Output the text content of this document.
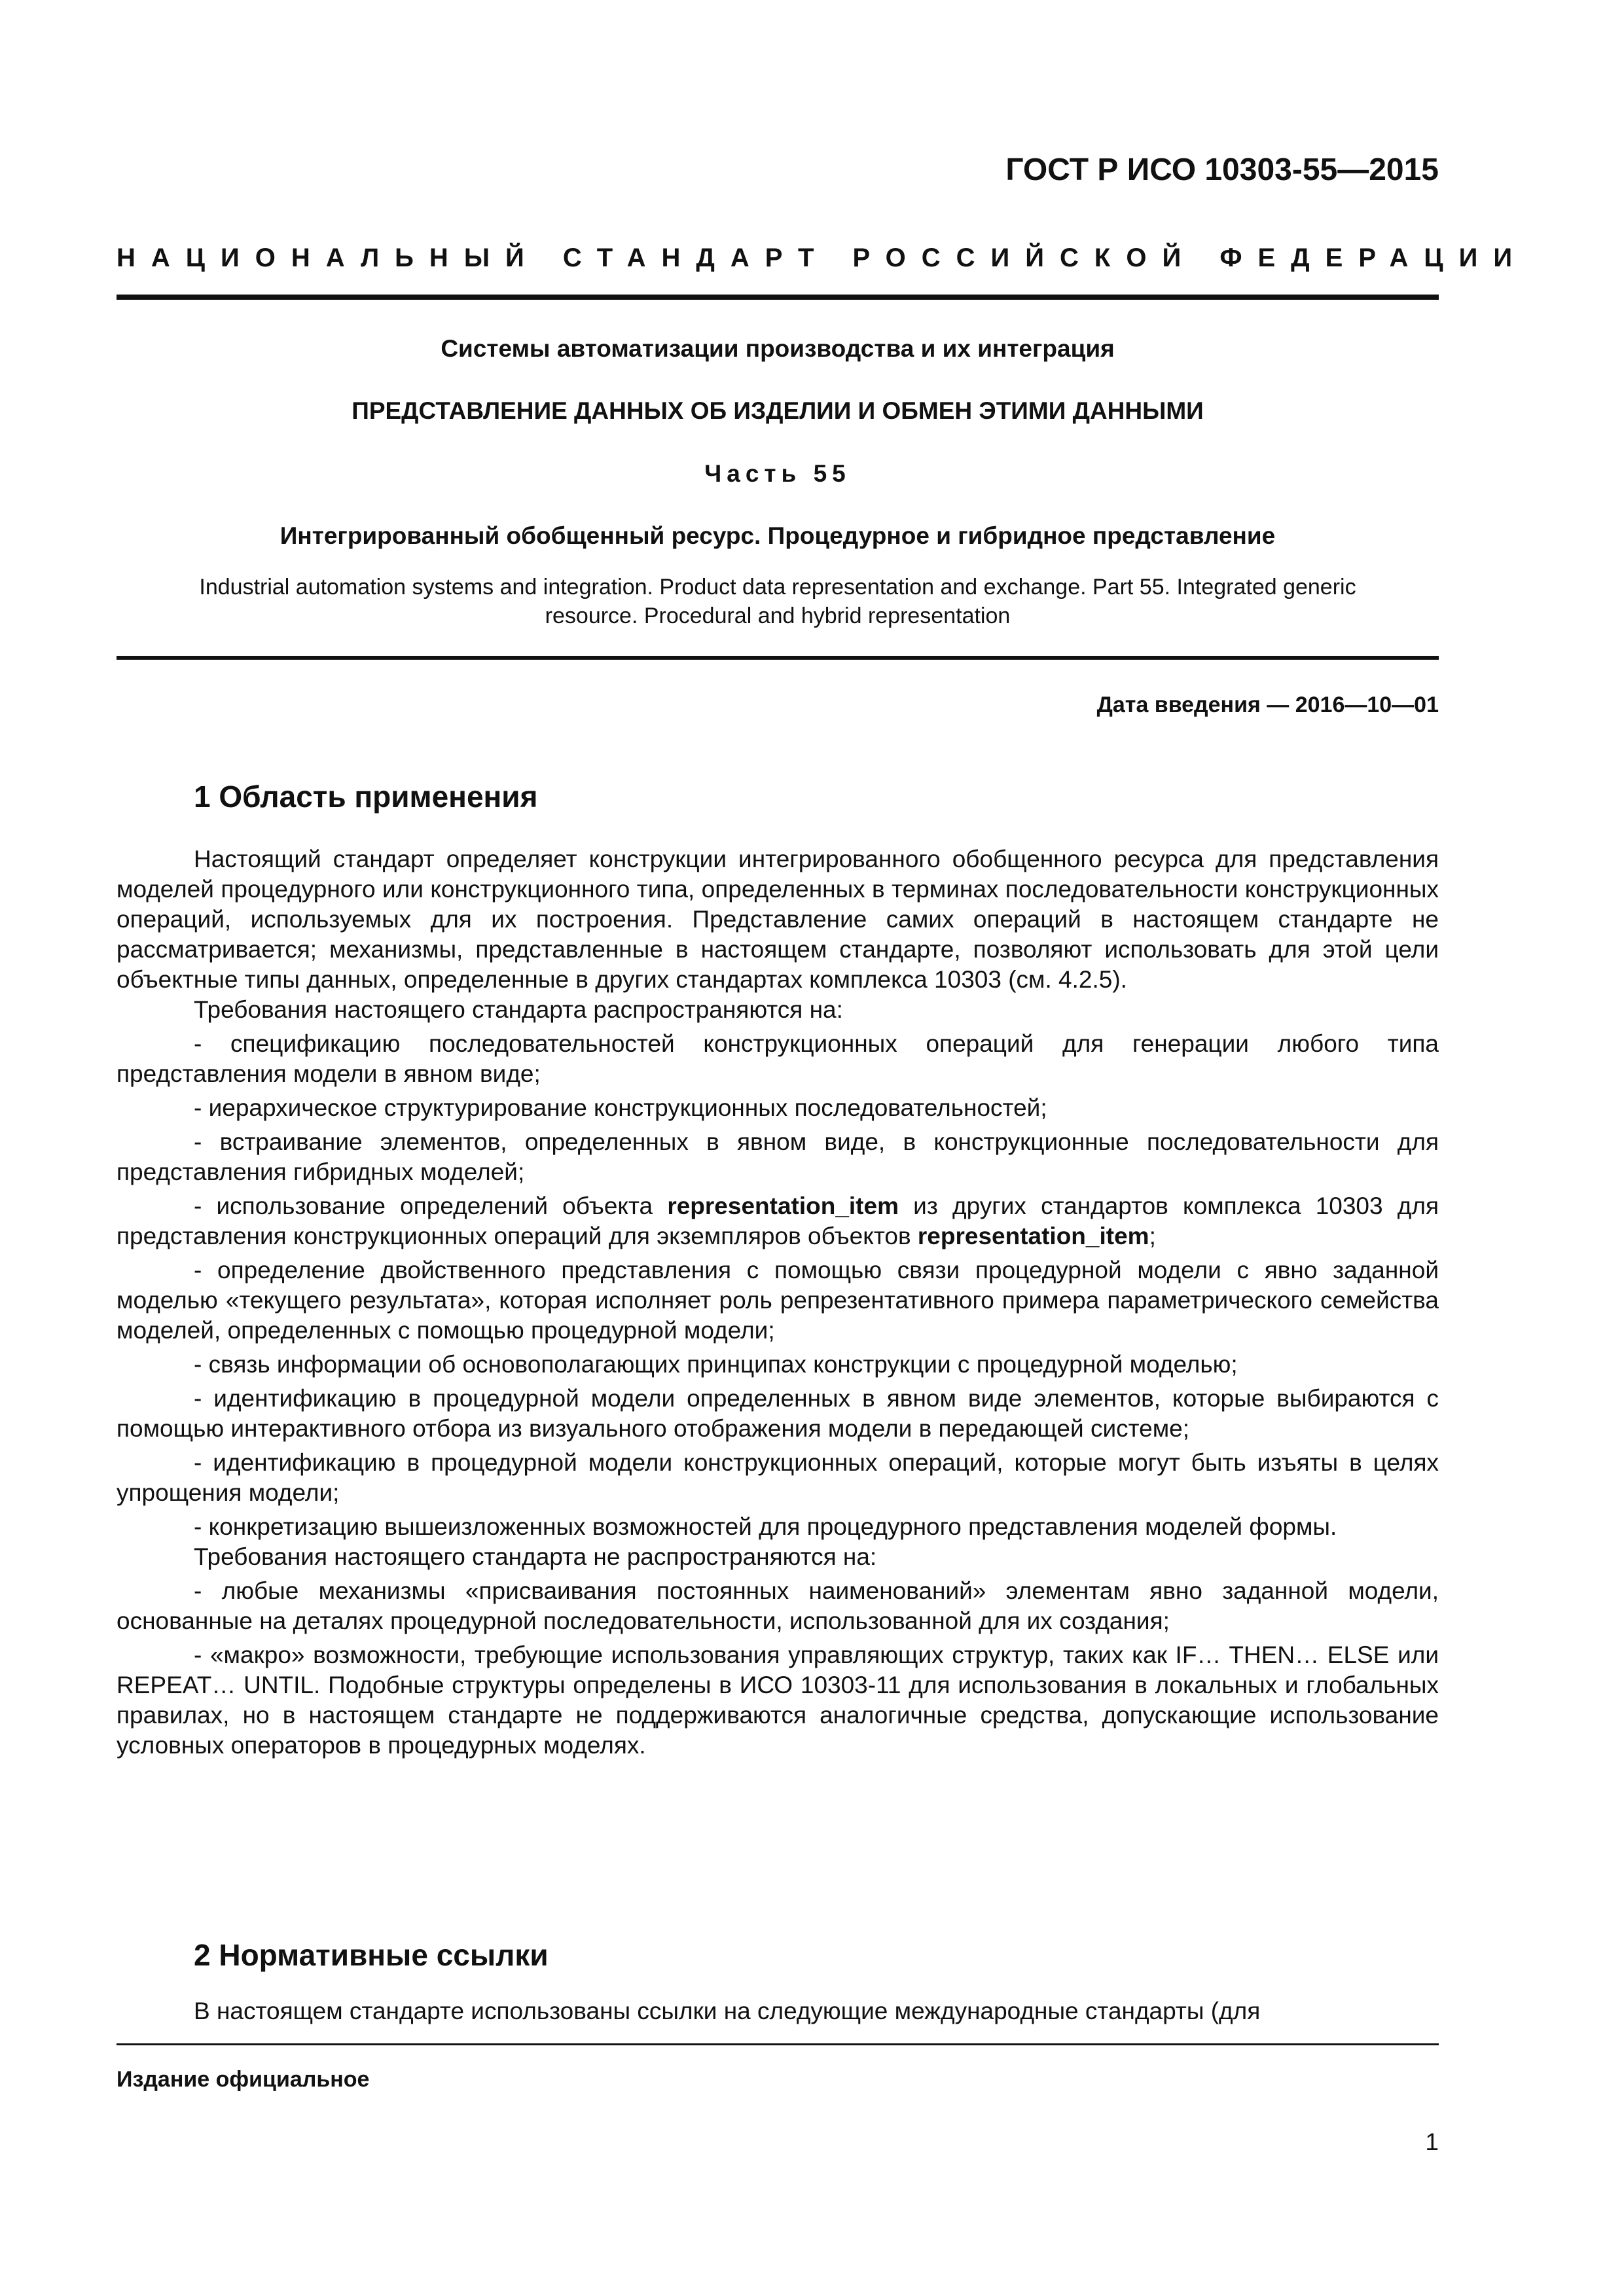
ГОСТ Р ИСО 10303-55—2015
НАЦИОНАЛЬНЫЙ СТАНДАРТ РОССИЙСКОЙ ФЕДЕРАЦИИ
Системы автоматизации производства и их интеграция
ПРЕДСТАВЛЕНИЕ ДАННЫХ ОБ ИЗДЕЛИИ И ОБМЕН ЭТИМИ ДАННЫМИ
Часть 55
Интегрированный обобщенный ресурс. Процедурное и гибридное представление
Industrial automation systems and integration. Product data representation and exchange. Part 55. Integrated generic resource. Procedural and hybrid representation
Дата введения — 2016—10—01
1 Область применения

Настоящий стандарт определяет конструкции интегрированного обобщенного ресурса для представления моделей процедурного или конструкционного типа, определенных в терминах последовательности конструкционных операций, используемых для их построения. Представление самих операций в настоящем стандарте не рассматривается; механизмы, представленные в настоящем стандарте, позволяют использовать для этой цели объектные типы данных, определенные в других стандартах комплекса 10303 (см. 4.2.5).

Требования настоящего стандарта распространяются на:

- спецификацию последовательностей конструкционных операций для генерации любого типа представления модели в явном виде;

- иерархическое структурирование конструкционных последовательностей;

- встраивание элементов, определенных в явном виде, в конструкционные последовательности для представления гибридных моделей;

- использование определений объекта representation_item из других стандартов комплекса 10303 для представления конструкционных операций для экземпляров объектов representation_item;

- определение двойственного представления с помощью связи процедурной модели с явно заданной моделью «текущего результата», которая исполняет роль репрезентативного примера параметрического семейства моделей, определенных с помощью процедурной модели;

- связь информации об основополагающих принципах конструкции с процедурной моделью;

- идентификацию в процедурной модели определенных в явном виде элементов, которые выбираются с помощью интерактивного отбора из визуального отображения модели в передающей системе;

- идентификацию в процедурной модели конструкционных операций, которые могут быть изъяты в целях упрощения модели;

- конкретизацию вышеизложенных возможностей для процедурного представления моделей формы.

Требования настоящего стандарта не распространяются на:

- любые механизмы «присваивания постоянных наименований» элементам явно заданной модели, основанные на деталях процедурной последовательности, использованной для их создания;

- «макро» возможности, требующие использования управляющих структур, таких как IF… THEN… ELSE или REPEAT… UNTIL. Подобные структуры определены в ИСО 10303-11 для использования в локальных и глобальных правилах, но в настоящем стандарте не поддерживаются аналогичные средства, допускающие использование условных операторов в процедурных моделях.

2 Нормативные ссылки
В настоящем стандарте использованы ссылки на следующие международные стандарты (для
Издание официальное
1
